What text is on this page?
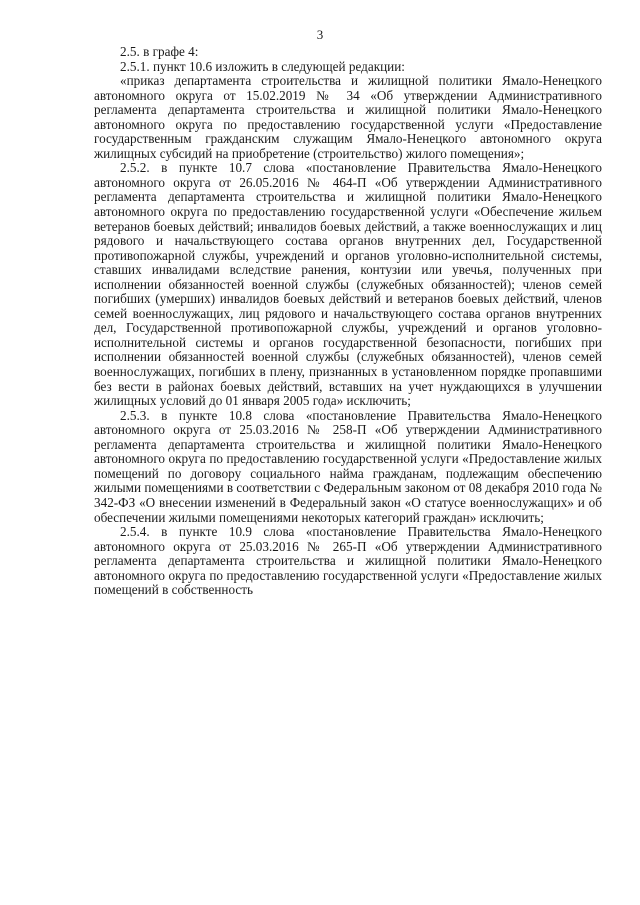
3

2.5. в графе 4:

2.5.1. пункт 10.6 изложить в следующей редакции:

«приказ департамента строительства и жилищной политики Ямало-Ненецкого автономного округа от 15.02.2019 № 34 «Об утверждении Административного регламента департамента строительства и жилищной политики Ямало-Ненецкого автономного округа по предоставлению государственной услуги «Предоставление государственным гражданским служащим Ямало-Ненецкого автономного округа жилищных субсидий на приобретение (строительство) жилого помещения»;

2.5.2. в пункте 10.7 слова «постановление Правительства Ямало-Ненецкого автономного округа от 26.05.2016 № 464-П «Об утверждении Административного регламента департамента строительства и жилищной политики Ямало-Ненецкого автономного округа по предоставлению государственной услуги «Обеспечение жильем ветеранов боевых действий; инвалидов боевых действий, а также военнослужащих и лиц рядового и начальствующего состава органов внутренних дел, Государственной противопожарной службы, учреждений и органов уголовно-исполнительной системы, ставших инвалидами вследствие ранения, контузии или увечья, полученных при исполнении обязанностей военной службы (служебных обязанностей); членов семей погибших (умерших) инвалидов боевых действий и ветеранов боевых действий, членов семей военнослужащих, лиц рядового и начальствующего состава органов внутренних дел, Государственной противопожарной службы, учреждений и органов уголовно-исполнительной системы и органов государственной безопасности, погибших при исполнении обязанностей военной службы (служебных обязанностей), членов семей военнослужащих, погибших в плену, признанных в установленном порядке пропавшими без вести в районах боевых действий, вставших на учет нуждающихся в улучшении жилищных условий до 01 января 2005 года» исключить;

2.5.3. в пункте 10.8 слова «постановление Правительства Ямало-Ненецкого автономного округа от 25.03.2016 № 258-П «Об утверждении Административного регламента департамента строительства и жилищной политики Ямало-Ненецкого автономного округа по предоставлению государственной услуги «Предоставление жилых помещений по договору социального найма гражданам, подлежащим обеспечению жилыми помещениями в соответствии с Федеральным законом от 08 декабря 2010 года № 342-ФЗ «О внесении изменений в Федеральный закон «О статусе военнослужащих» и об обеспечении жилыми помещениями некоторых категорий граждан» исключить;

2.5.4. в пункте 10.9 слова «постановление Правительства Ямало-Ненецкого автономного округа от 25.03.2016 № 265-П «Об утверждении Административного регламента департамента строительства и жилищной политики Ямало-Ненецкого автономного округа по предоставлению государственной услуги «Предоставление жилых помещений в собственность
